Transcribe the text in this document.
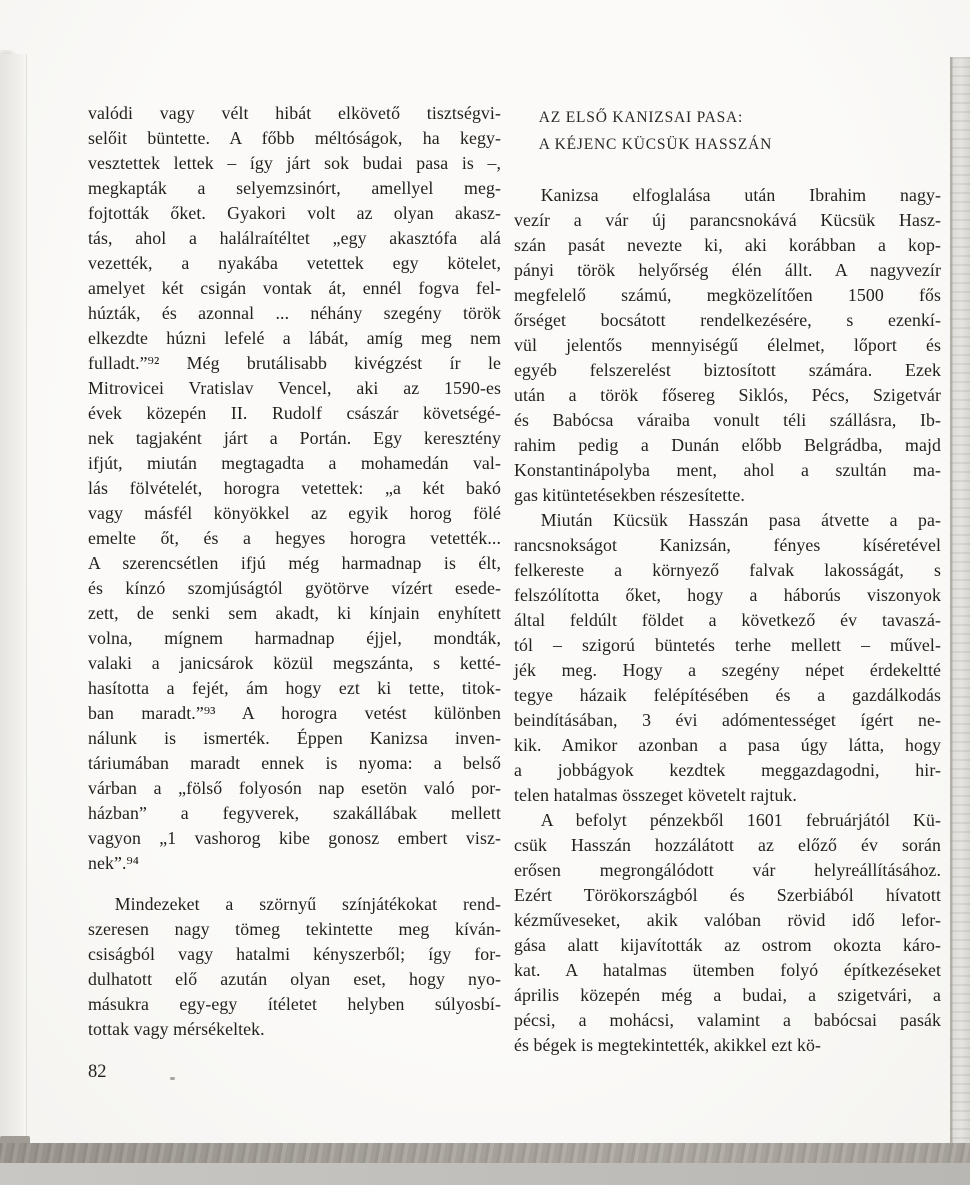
valódi vagy vélt hibát elkövető tisztségvi-
selőit büntette. A főbb méltóságok, ha kegy-
vesztettek lettek – így járt sok budai pasa is –,
megkapták a selyemzsinórt, amellyel meg-
fojtották őket. Gyakori volt az olyan akasz-
tás, ahol a halálraítéltet „egy akasztófa alá
vezették, a nyakába vetettek egy kötelet,
amelyet két csigán vontak át, ennél fogva fel-
húzták, és azonnal ... néhány szegény török
elkezdte húzni lefelé a lábát, amíg meg nem
fulladt.”⁹² Még brutálisabb kivégzést ír le
Mitrovicei Vratislav Vencel, aki az 1590-es
évek közepén II. Rudolf császár követségé-
nek tagjaként járt a Portán. Egy keresztény
ifjút, miután megtagadta a mohamedán val-
lás fölvételét, horogra vetettek: „a két bakó
vagy másfél könyökkel az egyik horog fölé
emelte őt, és a hegyes horogra vetették...
A szerencsétlen ifjú még harmadnap is élt,
és kínzó szomjúságtól gyötörve vízért esede-
zett, de senki sem akadt, ki kínjain enyhített
volna, mígnem harmadnap éjjel, mondták,
valaki a janicsárok közül megszánta, s ketté-
hasította a fejét, ám hogy ezt ki tette, titok-
ban maradt.”⁹³ A horogra vetést különben
nálunk is ismerték. Éppen Kanizsa inven-
táriumában maradt ennek is nyoma: a belső
várban a „fölső folyosón nap esetön való por-
házban” a fegyverek, szakállábak mellett
vagyon „1 vashorog kibe gonosz embert visz-
nek”.⁹⁴
Mindezeket a szörnyű színjátékokat rend-
szeresen nagy tömeg tekintette meg kíván-
csiságból vagy hatalmi kényszerből; így for-
dulhatott elő azután olyan eset, hogy nyo-
másukra egy-egy ítéletet helyben súlyosbí-
tottak vagy mérsékeltek.
AZ ELSŐ KANIZSAI PASA:
A KÉJENC KÜCSÜK HASSZÁN
Kanizsa elfoglalása után Ibrahim nagy-
vezír a vár új parancsnokává Kücsük Hasz-
szán pasát nevezte ki, aki korábban a kop-
pányi török helyőrség élén állt. A nagyvezír
megfelelő számú, megközelítően 1500 fős
őrséget bocsátott rendelkezésére, s ezenkí-
vül jelentős mennyiségű élelmet, lőport és
egyéb felszerelést biztosított számára. Ezek
után a török fősereg Siklós, Pécs, Szigetvár
és Babócsa váraiba vonult téli szállásra, Ib-
rahim pedig a Dunán előbb Belgrádba, majd
Konstantinápolyba ment, ahol a szultán ma-
gas kitüntetésekben részesítette.
Miután Kücsük Hasszán pasa átvette a pa-
rancsnokságot Kanizsán, fényes kíséretével
felkereste a környező falvak lakosságát, s
felszólította őket, hogy a háborús viszonyok
által feldúlt földet a következő év tavaszá-
tól – szigorú büntetés terhe mellett – művel-
jék meg. Hogy a szegény népet érdekeltté
tegye házaik felépítésében és a gazdálkodás
beindításában, 3 évi adómentességet ígért ne-
kik. Amikor azonban a pasa úgy látta, hogy
a jobbágyok kezdtek meggazdagodni, hir-
telen hatalmas összeget követelt rajtuk.
A befolyt pénzekből 1601 februárjától Kü-
csük Hasszán hozzálátott az előző év során
erősen megrongálódott vár helyreállításához.
Ezért Törökországból és Szerbiából hívatott
kézműveseket, akik valóban rövid idő lefor-
gása alatt kijavították az ostrom okozta káro-
kat. A hatalmas ütemben folyó építkezéseket
április közepén még a budai, a szigetvári, a
pécsi, a mohácsi, valamint a babócsai pasák
és bégek is megtekintették, akikkel ezt kö-
82
